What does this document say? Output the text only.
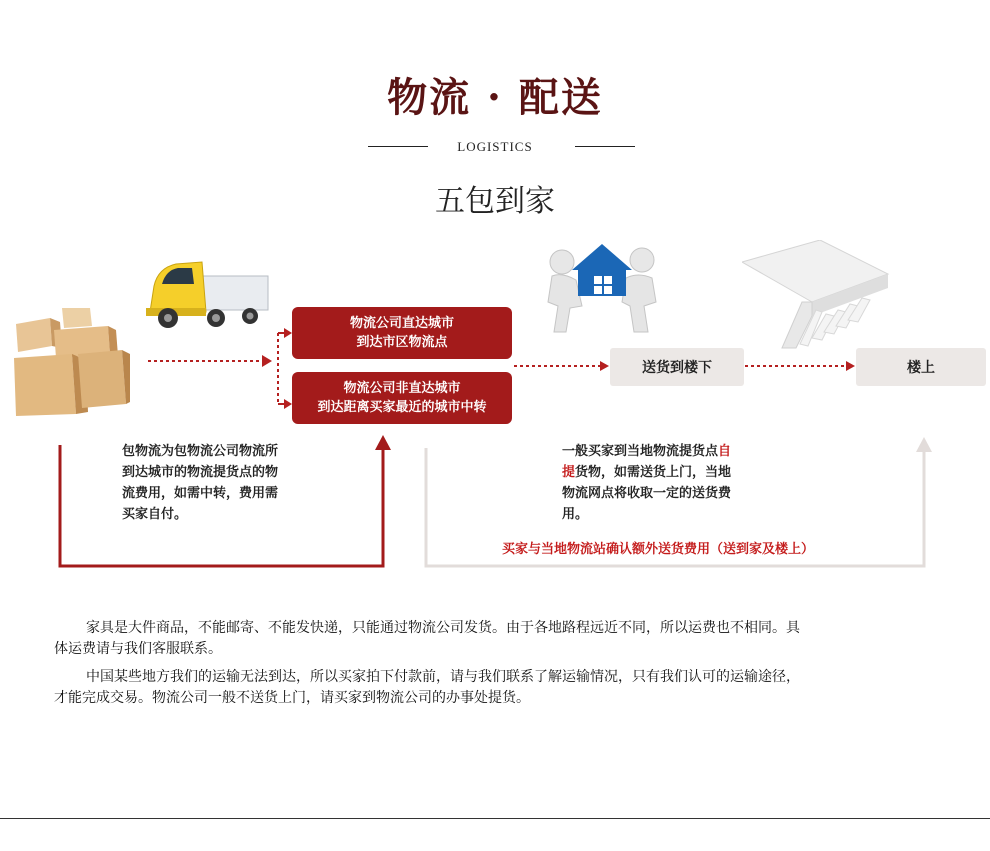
物流 · 配送
LOGISTICS
五包到家
物流公司直达城市
到达市区物流点
物流公司非直达城市
到达距离买家最近的城市中转
送货到楼下	楼上
包物流为包物流公司物流所
到达城市的物流提货点的物
流费用，如需中转，费用需
买家自付。
一般买家到当地物流提货点自
提货物，如需送货上门，当地
物流网点将收取一定的送货费
用。
买家与当地物流站确认额外送货费用（送到家及楼上）
家具是大件商品，不能邮寄、不能发快递，只能通过物流公司发货。由于各地路程远近不同，所以运费也不相同。具
体运费请与我们客服联系。
中国某些地方我们的运输无法到达，所以买家拍下付款前，请与我们联系了解运输情况，只有我们认可的运输途径，
才能完成交易。物流公司一般不送货上门，请买家到物流公司的办事处提货。
